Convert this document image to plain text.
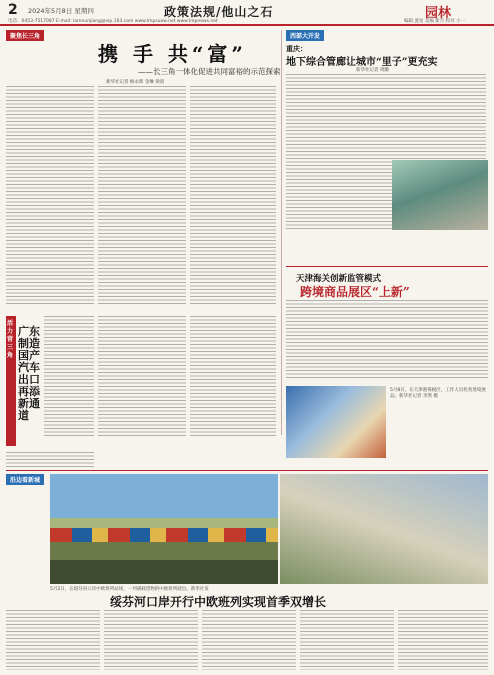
2 2024年5月8日 星期四	政策法规/他山之石	园林
电话：0453-7517087 E-mail: lamnunjiang@vip.163.com www.lmpsuow.net www.lmpnews.net	编辑 流星 美编 新月 校对 小一
聚焦长三角
携 手 共“富”
——长三角一体化促进共同富裕的示范探索
新华社记者 顾永辉 金琳 梁晨
活力营三角
广东制造国产汽车出口再添新通道
西部大开发
重庆：
地下综合管廊让城市“里子”更充实
新华社记者 周鹏
天津海关创新监管模式
跨境商品展区“上新”
5月8日，在天津港保税区，工作人员检查进境展品。新华社记者 李然 摄
沿边看新城
5月2日，在绥芬河口岸中欧班列站场，一列满载货物的中欧班列驶出。新华社发
绥芬河口岸开行中欧班列实现首季双增长
